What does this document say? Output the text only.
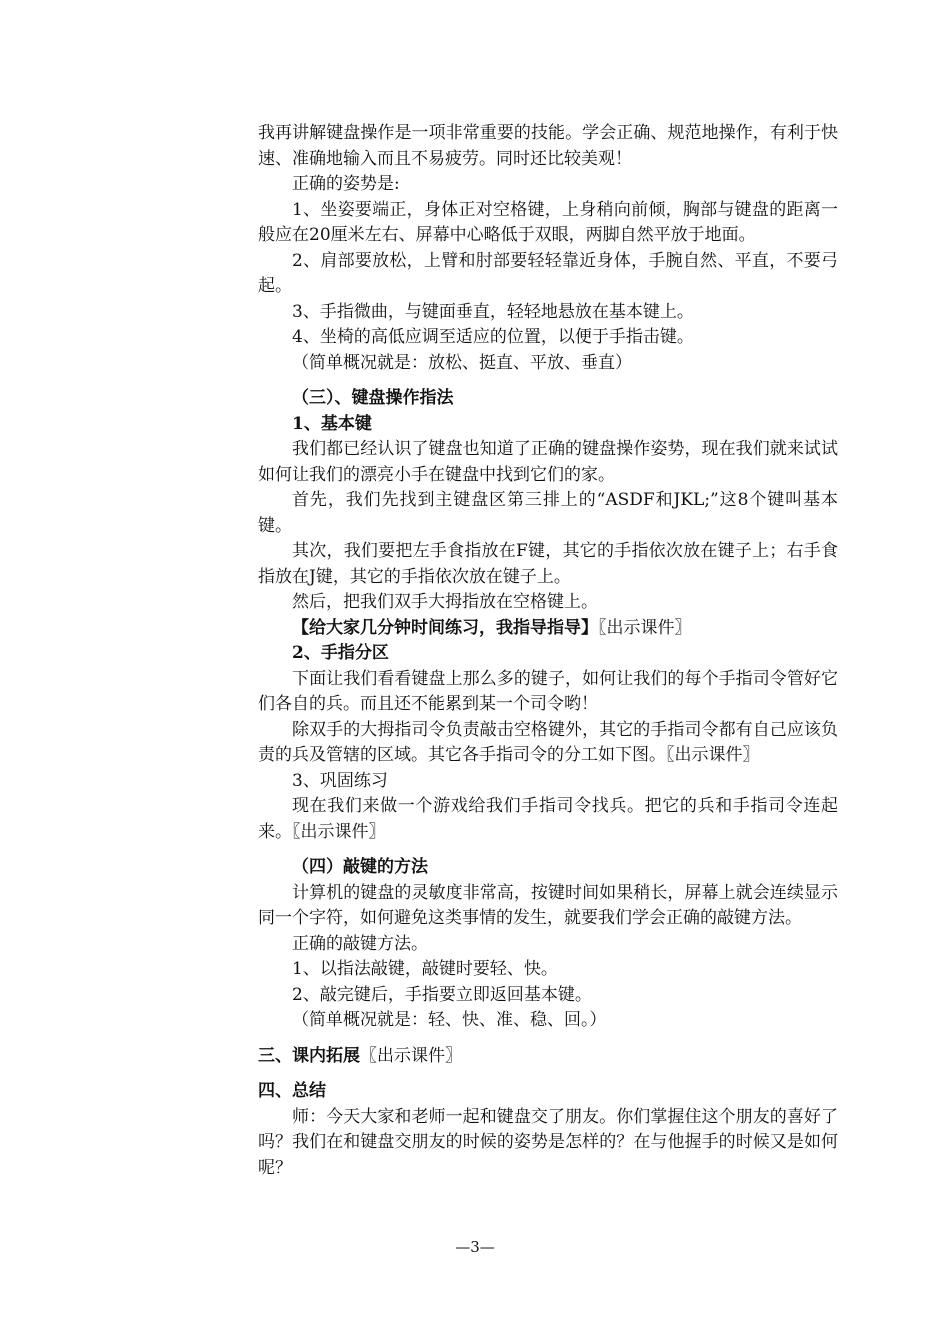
我再讲解键盘操作是一项非常重要的技能。学会正确、规范地操作，有利于快速、准确地输入而且不易疲劳。同时还比较美观！

正确的姿势是:

1、坐姿要端正，身体正对空格键，上身稍向前倾，胸部与键盘的距离一般应在20厘米左右、屏幕中心略低于双眼，两脚自然平放于地面。

2、肩部要放松，上臂和肘部要轻轻靠近身体，手腕自然、平直，不要弓起。

3、手指微曲，与键面垂直，轻轻地悬放在基本键上。

4、坐椅的高低应调至适应的位置，以便于手指击键。

（简单概况就是：放松、挺直、平放、垂直）

（三）、键盘操作指法

1、基本键

我们都已经认识了键盘也知道了正确的键盘操作姿势，现在我们就来试试如何让我们的漂亮小手在键盘中找到它们的家。

首先，我们先找到主键盘区第三排上的“ASDF和JKL;”这8个键叫基本键。

其次，我们要把左手食指放在F键，其它的手指依次放在键子上；右手食指放在J键，其它的手指依次放在键子上。

然后，把我们双手大拇指放在空格键上。

【给大家几分钟时间练习，我指导指导】〖出示课件〗

2、手指分区

下面让我们看看键盘上那么多的键子，如何让我们的每个手指司令管好它们各自的兵。而且还不能累到某一个司令哟！

除双手的大拇指司令负责敲击空格键外，其它的手指司令都有自己应该负责的兵及管辖的区域。其它各手指司令的分工如下图。〖出示课件〗

3、巩固练习

现在我们来做一个游戏给我们手指司令找兵。把它的兵和手指司令连起来。〖出示课件〗

（四）敲键的方法

计算机的键盘的灵敏度非常高，按键时间如果稍长，屏幕上就会连续显示同一个字符，如何避免这类事情的发生，就要我们学会正确的敲键方法。

正确的敲键方法。

1、以指法敲键，敲键时要轻、快。

2、敲完键后，手指要立即返回基本键。

（简单概况就是：轻、快、准、稳、回。）

三、课内拓展〖出示课件〗

四、总结

师：今天大家和老师一起和键盘交了朋友。你们掌握住这个朋友的喜好了吗？我们在和键盘交朋友的时候的姿势是怎样的？在与他握手的时候又是如何呢？

—3—
